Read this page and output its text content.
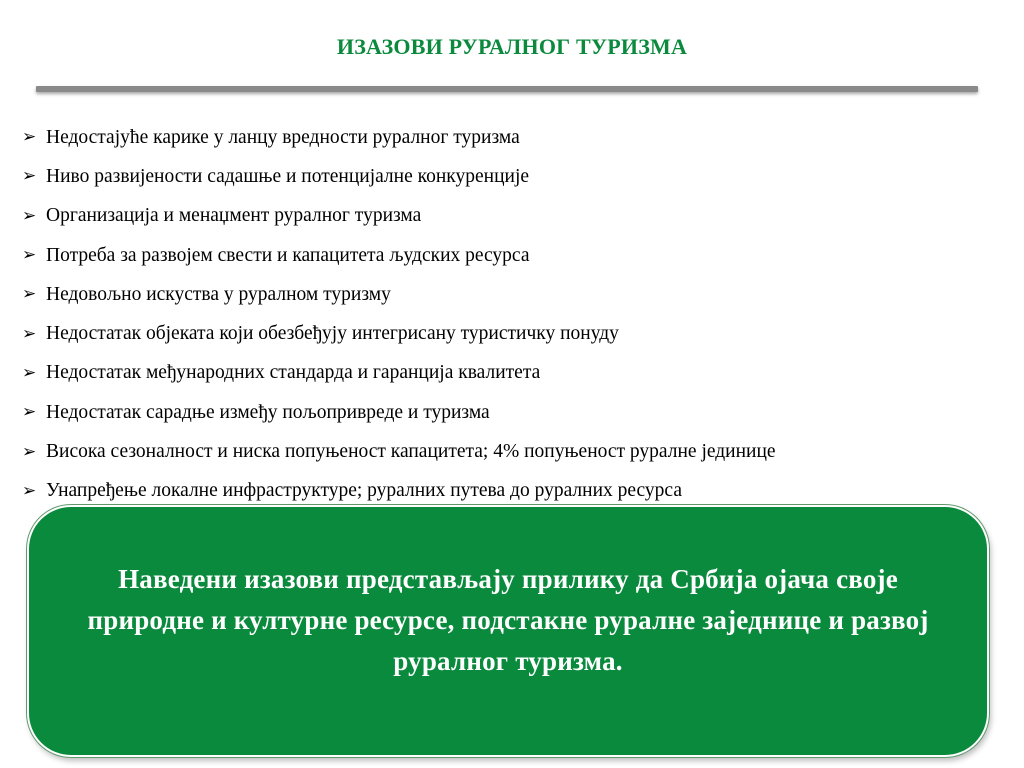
ИЗАЗОВИ РУРАЛНОГ ТУРИЗМА
➢ Недостајуће карике у ланцу вредности руралног туризма
➢ Ниво развијености садашње и потенцијалне конкуренције
➢ Организација и менаџмент руралног туризма
➢ Потреба за развојем свести и капацитета људских ресурса
➢ Недовољно искуства у руралном туризму
➢ Недостатак објеката који обезбеђују интегрисану туристичку понуду
➢ Недостатак међународних стандарда и гаранција квалитета
➢ Недостатак сарадње између пољопривреде и туризма
➢ Висока сезоналност и ниска попуњеност капацитета; 4% попуњеност руралне јединице
➢ Унапређење локалне инфраструктуре; руралних путева до руралних ресурса

Наведени изазови представљају прилику да Србија ојача своје природне и културне ресурсе, подстакне руралне заједнице и развој руралног туризма.
